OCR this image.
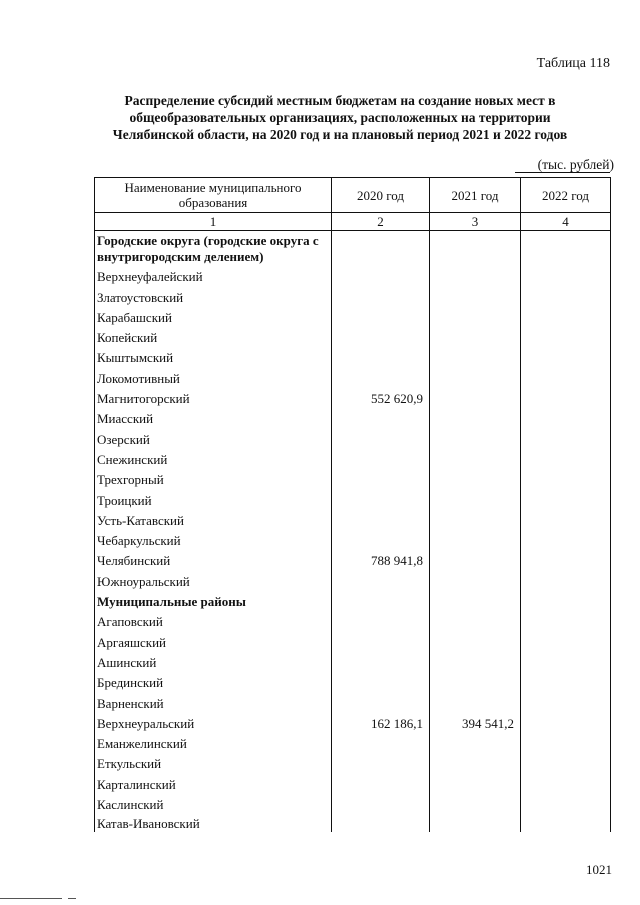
Таблица 118
Распределение субсидий местным бюджетам на создание новых мест в
общеобразовательных организациях, расположенных на территории
Челябинской области, на 2020 год и на плановый период 2021 и 2022 годов
(тыс. рублей)
Наименование муниципального образования	2020 год	2021 год	2022 год
1	2	3	4
Городские округа (городские округа с внутригородским делением)			
Верхнеуфалейский			
Златоустовский			
Карабашский			
Копейский			
Кыштымский			
Локомотивный			
Магнитогорский	552 620,9		
Миасский			
Озерский			
Снежинский			
Трехгорный			
Троицкий			
Усть-Катавский			
Чебаркульский			
Челябинский	788 941,8		
Южноуральский			
Муниципальные районы			
Агаповский			
Аргаяшский			
Ашинский			
Брединский			
Варненский			
Верхнеуральский	162 186,1	394 541,2	
Еманжелинский			
Еткульский			
Карталинский			
Каслинский			
Катав-Ивановский			
1021
